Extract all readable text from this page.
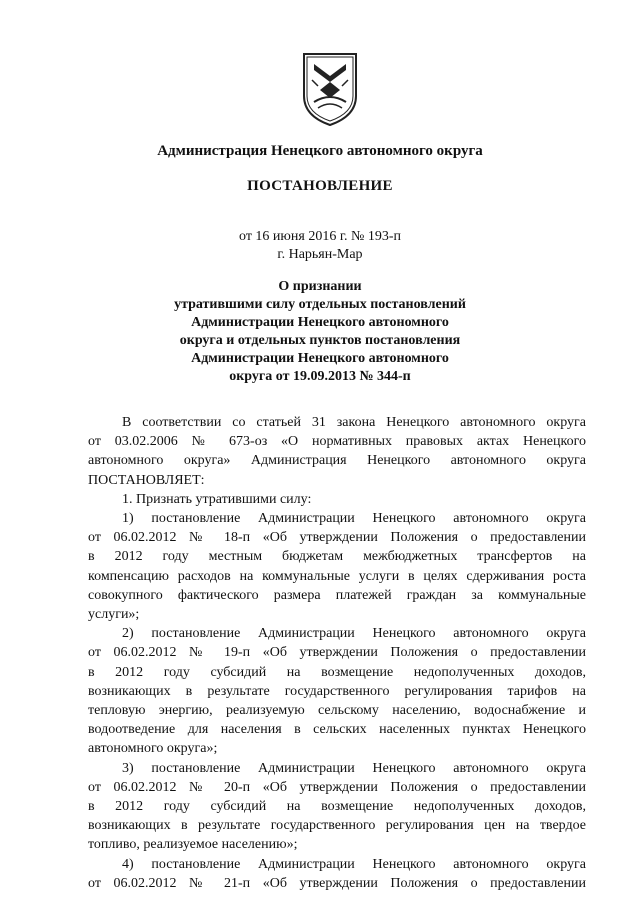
Администрация Ненецкого автономного округа
ПОСТАНОВЛЕНИЕ
от 16 июня 2016 г. № 193-п
г. Нарьян-Мар
О признании
утратившими силу отдельных постановлений
Администрации Ненецкого автономного
округа и отдельных пунктов постановления
Администрации Ненецкого автономного
округа от 19.09.2013 № 344-п
В соответствии со статьей 31 закона Ненецкого автономного округа
от 03.02.2006 № 673-оз «О нормативных правовых актах Ненецкого
автономного округа» Администрация Ненецкого автономного округа
ПОСТАНОВЛЯЕТ:
1. Признать утратившими силу:
1) постановление Администрации Ненецкого автономного округа
от 06.02.2012 № 18-п «Об утверждении Положения о предоставлении
в 2012 году местным бюджетам межбюджетных трансфертов на
компенсацию расходов на коммунальные услуги в целях сдерживания роста
совокупного фактического размера платежей граждан за коммунальные
услуги»;
2) постановление Администрации Ненецкого автономного округа
от 06.02.2012 № 19-п «Об утверждении Положения о предоставлении
в 2012 году субсидий на возмещение недополученных доходов,
возникающих в результате государственного регулирования тарифов на
тепловую энергию, реализуемую сельскому населению, водоснабжение и
водоотведение для населения в сельских населенных пунктах Ненецкого
автономного округа»;
3) постановление Администрации Ненецкого автономного округа
от 06.02.2012 № 20-п «Об утверждении Положения о предоставлении
в 2012 году субсидий на возмещение недополученных доходов,
возникающих в результате государственного регулирования цен на твердое
топливо, реализуемое населению»;
4) постановление Администрации Ненецкого автономного округа
от 06.02.2012 № 21-п «Об утверждении Положения о предоставлении
